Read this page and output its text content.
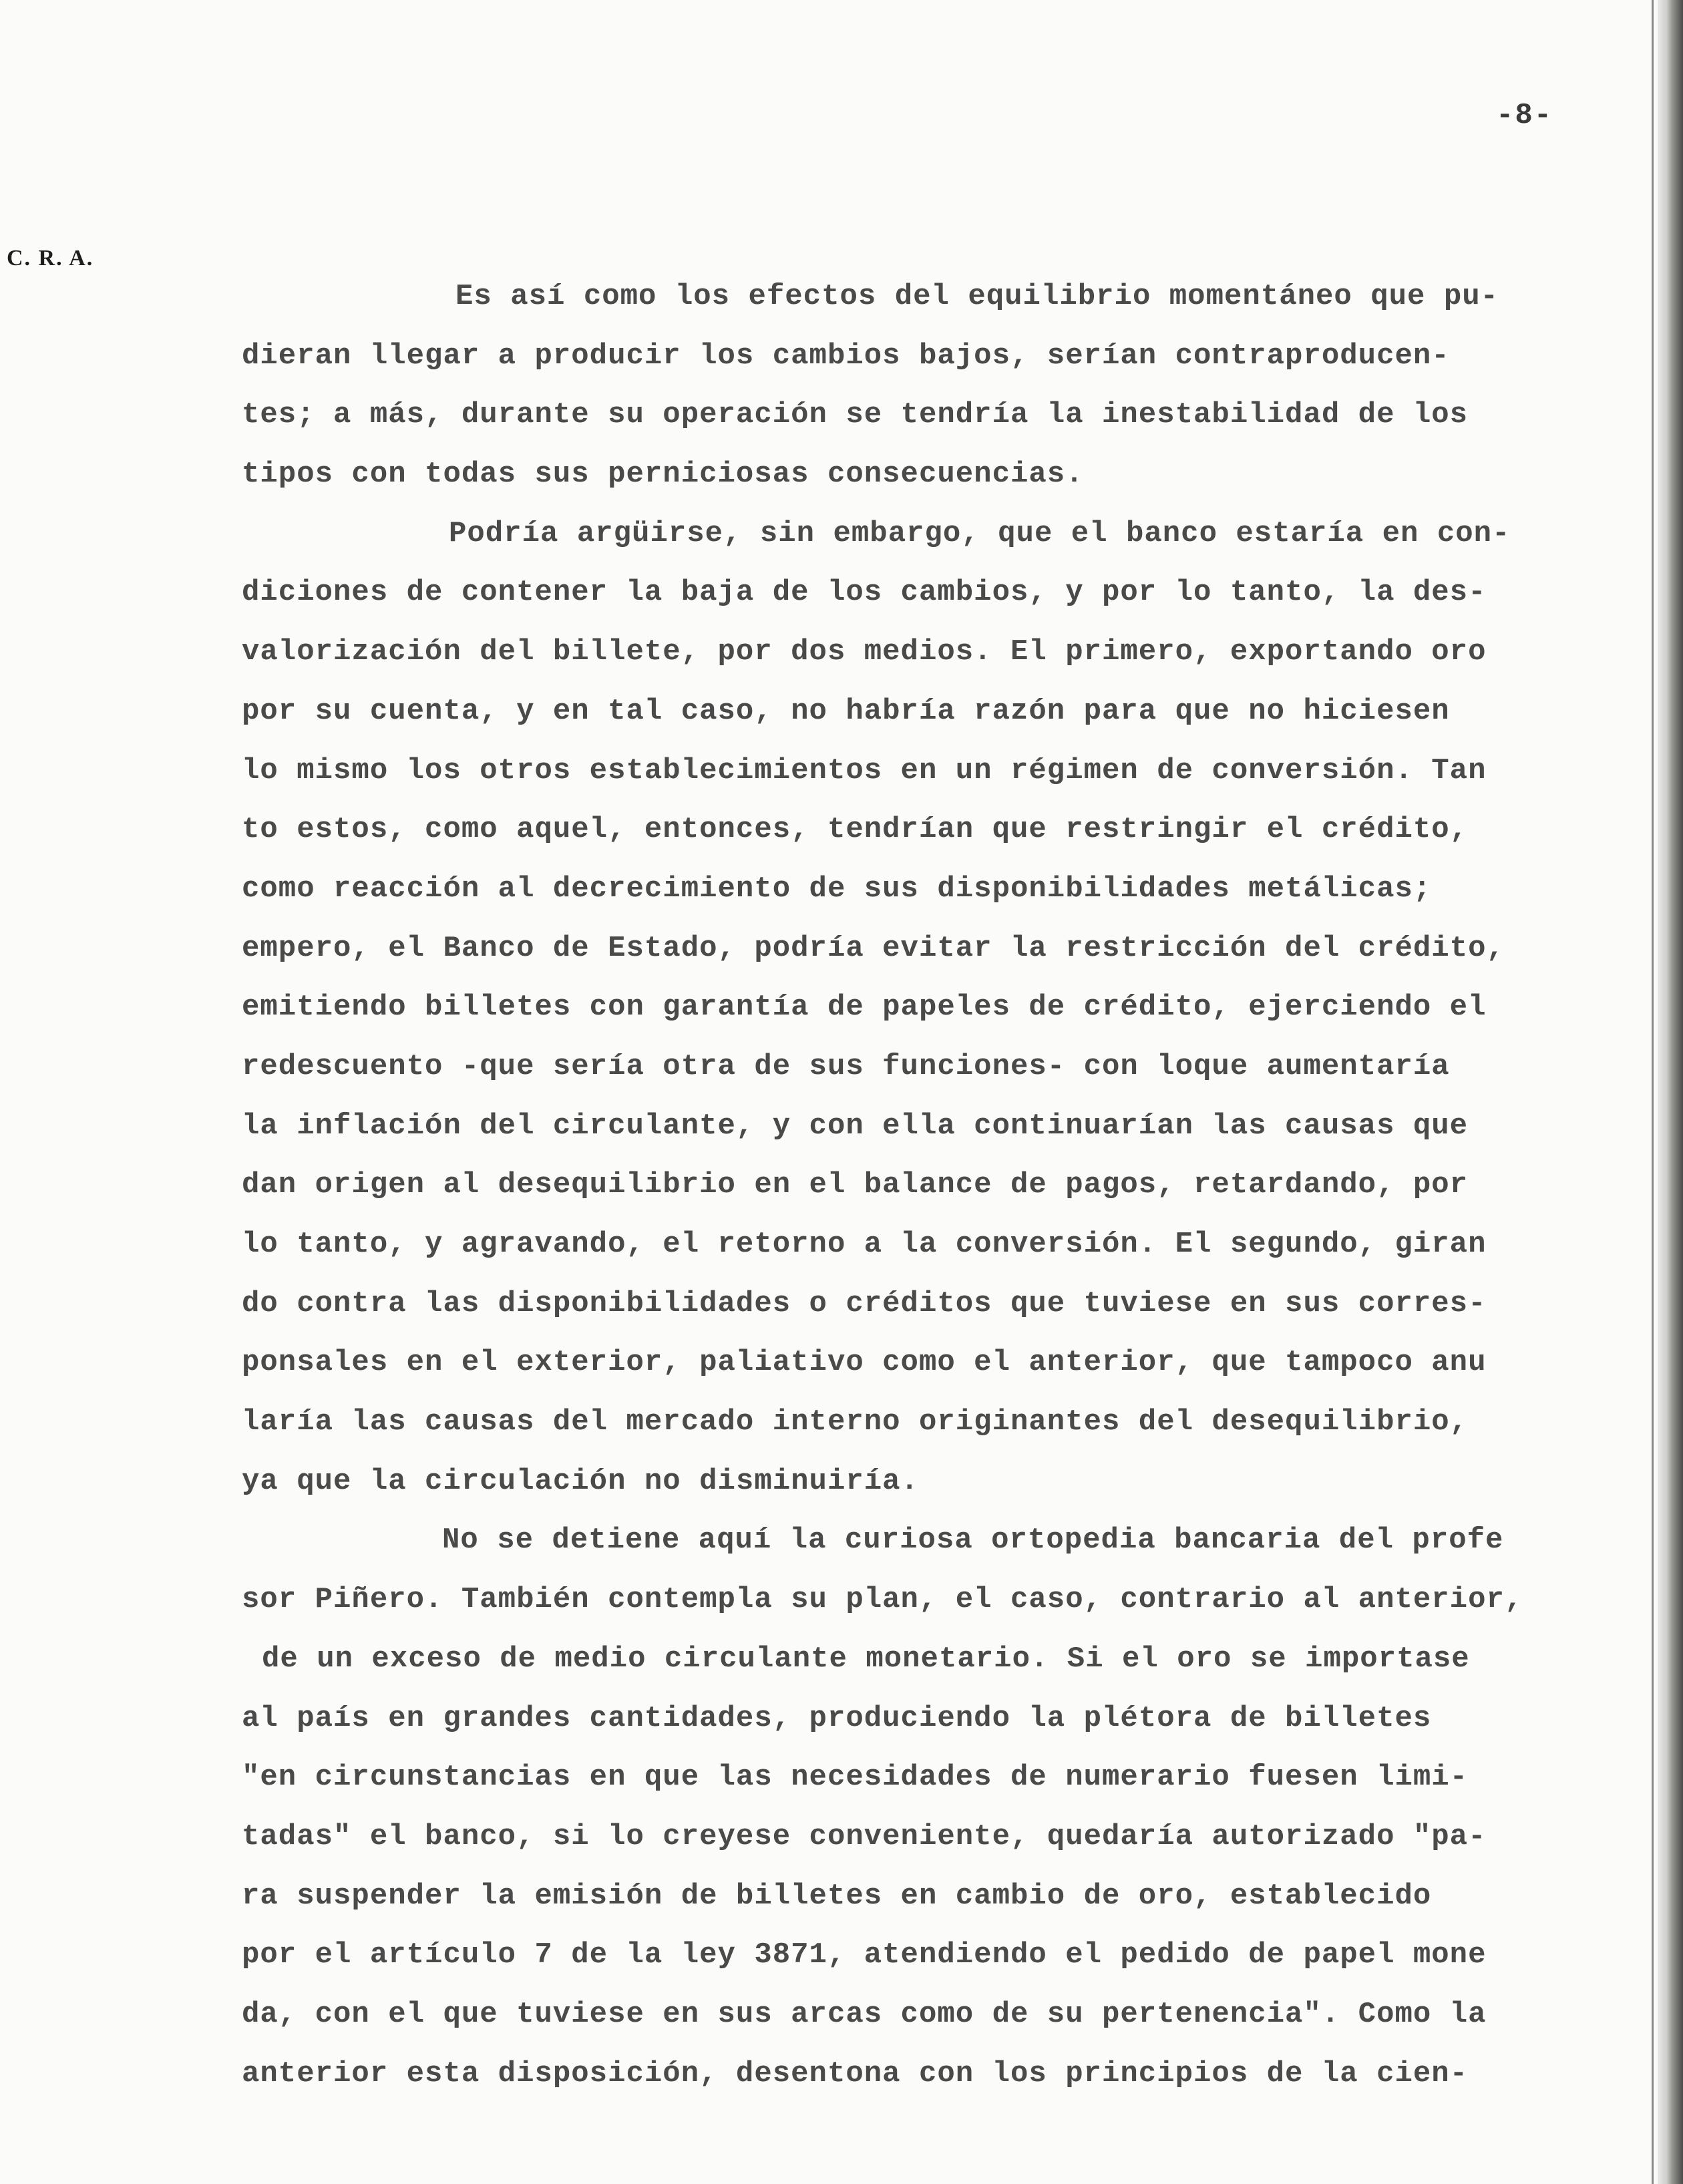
-8-
C. R. A.
Es así como los efectos del equilibrio momentáneo que pu-
dieran llegar a producir los cambios bajos, serían contraproducen-
tes; a más, durante su operación se tendría la inestabilidad de los
tipos con todas sus perniciosas consecuencias.
Podría argüirse, sin embargo, que el banco estaría en con-
diciones de contener la baja de los cambios, y por lo tanto, la des-
valorización del billete, por dos medios. El primero, exportando oro
por su cuenta, y en tal caso, no habría razón para que no hiciesen
lo mismo los otros establecimientos en un régimen de conversión. Tan
to estos, como aquel, entonces, tendrían que restringir el crédito,
como reacción al decrecimiento de sus disponibilidades metálicas;
empero, el Banco de Estado, podría evitar la restricción del crédito,
emitiendo billetes con garantía de papeles de crédito, ejerciendo el
redescuento -que sería otra de sus funciones- con loque aumentaría
la inflación del circulante, y con ella continuarían las causas que
dan origen al desequilibrio en el balance de pagos, retardando, por
lo tanto, y agravando, el retorno a la conversión. El segundo, giran
do contra las disponibilidades o créditos que tuviese en sus corres-
ponsales en el exterior, paliativo como el anterior, que tampoco anu
laría las causas del mercado interno originantes del desequilibrio,
ya que la circulación no disminuiría.
No se detiene aquí la curiosa ortopedia bancaria del profe
sor Piñero. También contempla su plan, el caso, contrario al anterior,
de un exceso de medio circulante monetario. Si el oro se importase
al país en grandes cantidades, produciendo la plétora de billetes
"en circunstancias en que las necesidades de numerario fuesen limi-
tadas" el banco, si lo creyese conveniente, quedaría autorizado "pa-
ra suspender la emisión de billetes en cambio de oro, establecido
por el artículo 7 de la ley 3871, atendiendo el pedido de papel mone
da, con el que tuviese en sus arcas como de su pertenencia". Como la
anterior esta disposición, desentona con los principios de la cien-
